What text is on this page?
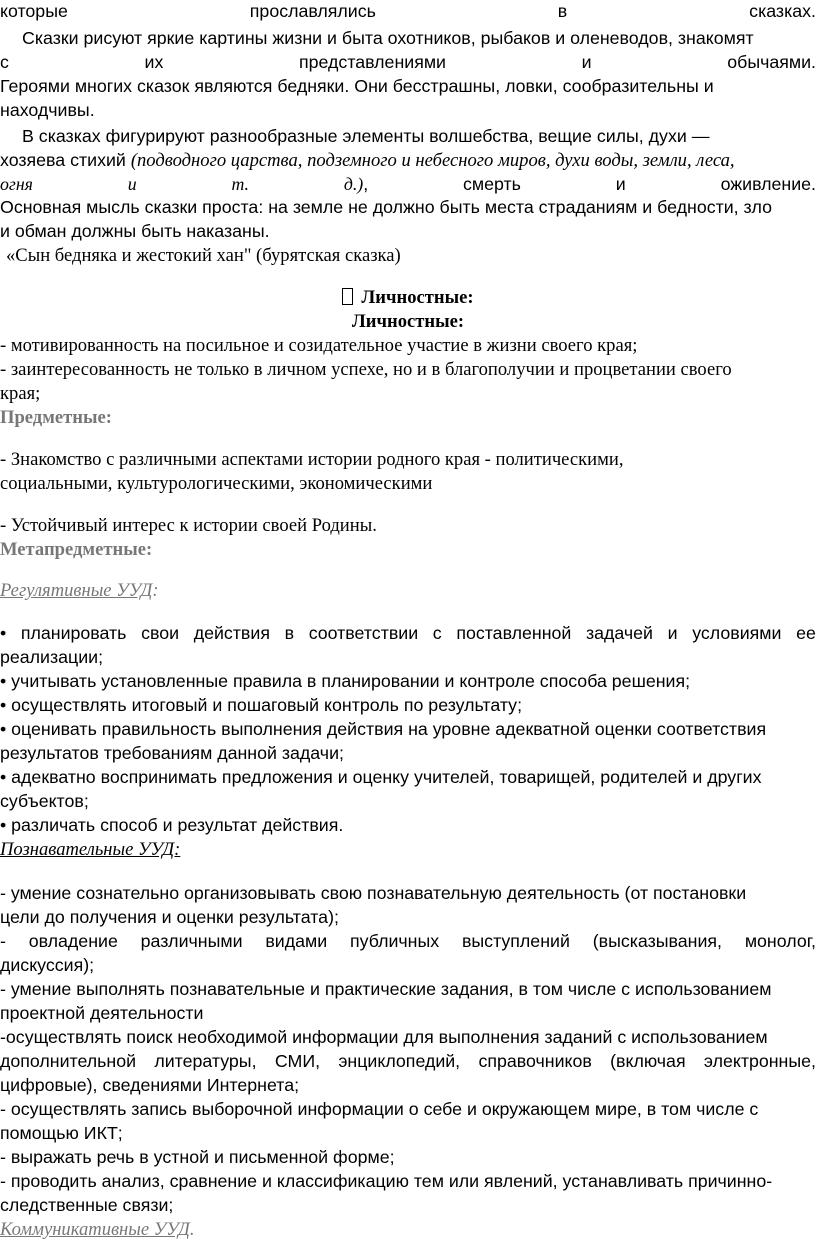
которые	прославлялись	в	сказках.
Сказки рисуют яркие картины жизни и быта охотников, рыбаков и оленеводов, знакомят
с	их	представлениями	и	обычаями.
Героями многих сказок являются бедняки. Они бесстрашны, ловки, сообразительны и
находчивы.
В сказках фигурируют разнообразные элементы волшебства, вещие силы, духи —
хозяева стихий (подводного царства, подземного и небесного миров, духи воды, земли, леса,
огня	и	т.	д.),	смерть	и	оживление.
Основная мысль сказки проста: на земле не должно быть места страданиям и бедности, зло
и обман должны быть наказаны.
«Сын бедняка и жестокий хан" (бурятская сказка)
Личностные:
Личностные:
- мотивированность на посильное и созидательное участие в жизни своего края;
- заинтересованность не только в личном успехе, но и в благополучии и процветании своего
края;
Предметные:
- Знакомство с различными аспектами истории родного края - политическими,
социальными, культурологическими, экономическими
- Устойчивый интерес к истории своей Родины.
Метапредметные:
Регулятивные УУД:
• планировать свои действия в соответствии с поставленной задачей и условиями ее
реализации;
• учитывать установленные правила в планировании и контроле способа решения;
• осуществлять итоговый и пошаговый контроль по результату;
• оценивать правильность выполнения действия на уровне адекватной оценки соответствия
результатов требованиям данной задачи;
• адекватно воспринимать предложения и оценку учителей, товарищей, родителей и других
субъектов;
• различать способ и результат действия.
Познавательные УУД:
- умение сознательно организовывать свою познавательную деятельность (от постановки
цели до получения и оценки результата);
- овладение различными видами публичных выступлений (высказывания, монолог,
дискуссия);
- умение выполнять познавательные и практические задания, в том числе с использованием
проектной деятельности
-осуществлять поиск необходимой информации для выполнения заданий с использованием
дополнительной литературы, СМИ, энциклопедий, справочников (включая электронные,
цифровые), сведениями Интернета;
- осуществлять запись выборочной информации о себе и окружающем мире, в том числе с
помощью ИКТ;
- выражать речь в устной и письменной форме;
- проводить анализ, сравнение и классификацию тем или явлений, устанавливать причинно-
следственные связи;
Коммуникативные УУД.
